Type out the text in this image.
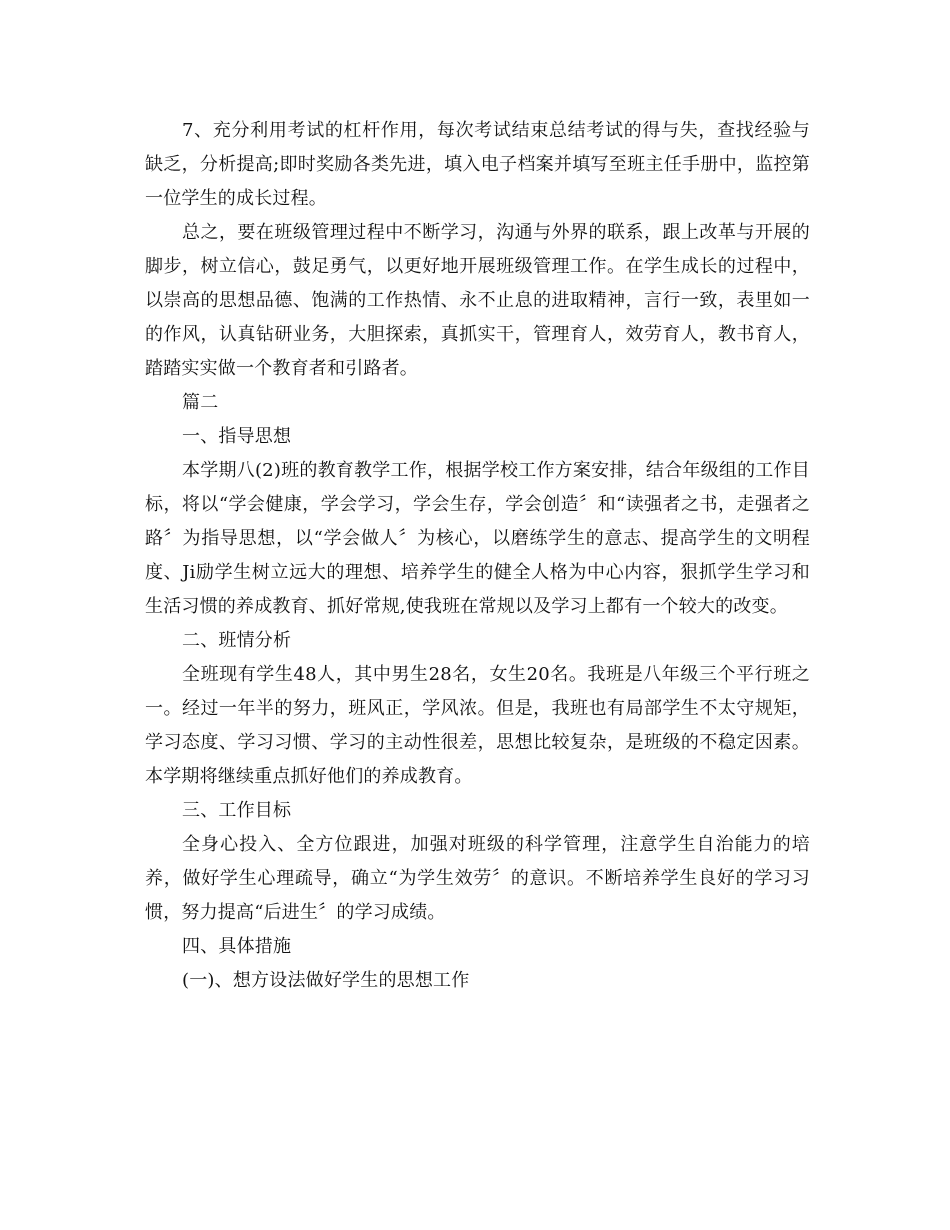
7、充分利用考试的杠杆作用，每次考试结束总结考试的得与失，查找经验与缺乏，分析提高;即时奖励各类先进，填入电子档案并填写至班主任手册中，监控第一位学生的成长过程。

总之，要在班级管理过程中不断学习，沟通与外界的联系，跟上改革与开展的脚步，树立信心，鼓足勇气，以更好地开展班级管理工作。在学生成长的过程中，以崇高的思想品德、饱满的工作热情、永不止息的进取精神，言行一致，表里如一的作风，认真钻研业务，大胆探索，真抓实干，管理育人，效劳育人，教书育人，踏踏实实做一个教育者和引路者。

篇二

一、指导思想

本学期八(2)班的教育教学工作，根据学校工作方案安排，结合年级组的工作目标，将以“学会健康，学会学习，学会生存，学会创造〞和“读强者之书，走强者之路〞为指导思想，以“学会做人〞为核心，以磨练学生的意志、提高学生的文明程度、Ji励学生树立远大的理想、培养学生的健全人格为中心内容，狠抓学生学习和生活习惯的养成教育、抓好常规,使我班在常规以及学习上都有一个较大的改变。

二、班情分析

全班现有学生48人，其中男生28名，女生20名。我班是八年级三个平行班之一。经过一年半的努力，班风正，学风浓。但是，我班也有局部学生不太守规矩，学习态度、学习习惯、学习的主动性很差，思想比较复杂，是班级的不稳定因素。本学期将继续重点抓好他们的养成教育。

三、工作目标

全身心投入、全方位跟进，加强对班级的科学管理，注意学生自治能力的培养，做好学生心理疏导，确立“为学生效劳〞的意识。不断培养学生良好的学习习惯，努力提高“后进生〞的学习成绩。

四、具体措施

(一)、想方设法做好学生的思想工作
